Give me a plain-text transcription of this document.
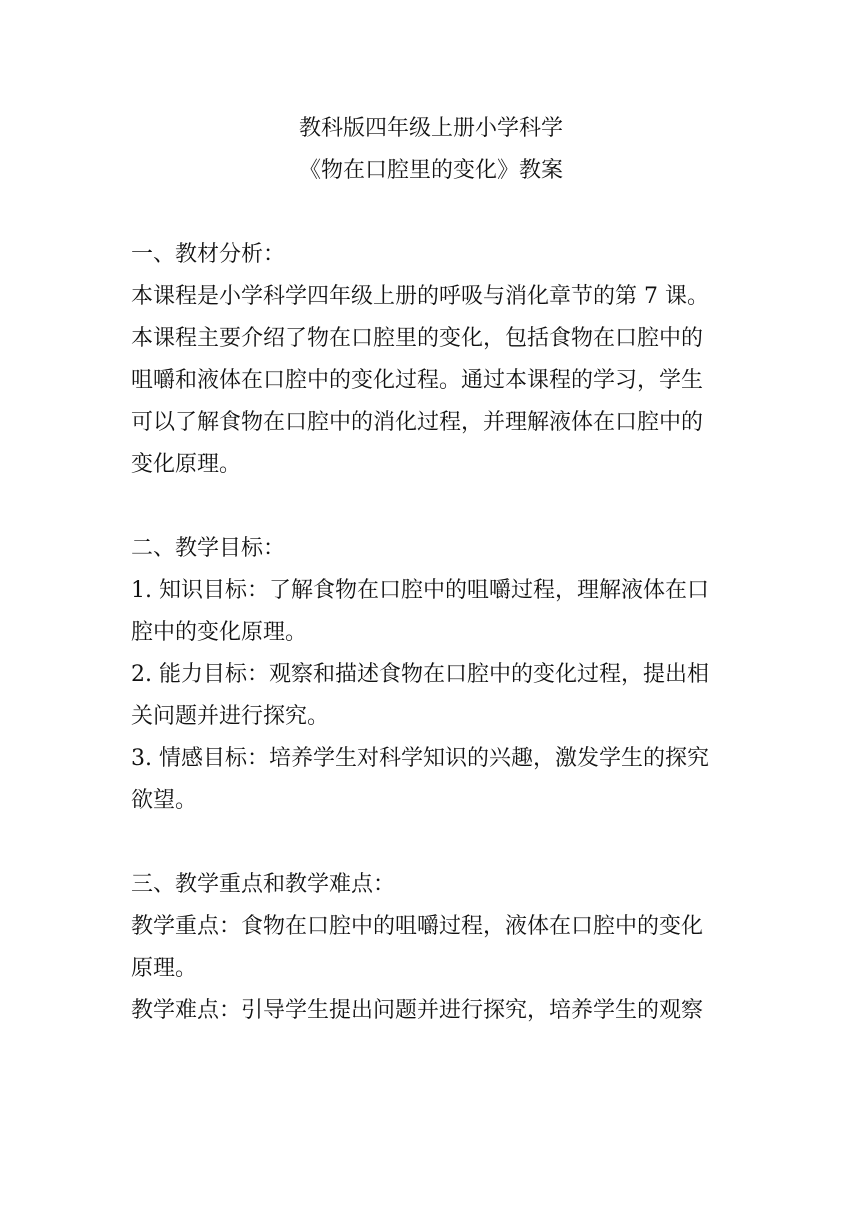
教科版四年级上册小学科学
《物在口腔里的变化》教案
一、教材分析：
本课程是小学科学四年级上册的呼吸与消化章节的第 7 课。
本课程主要介绍了物在口腔里的变化，包括食物在口腔中的
咀嚼和液体在口腔中的变化过程。通过本课程的学习，学生
可以了解食物在口腔中的消化过程，并理解液体在口腔中的
变化原理。
二、教学目标：
1. 知识目标：了解食物在口腔中的咀嚼过程，理解液体在口
腔中的变化原理。
2. 能力目标：观察和描述食物在口腔中的变化过程，提出相
关问题并进行探究。
3. 情感目标：培养学生对科学知识的兴趣，激发学生的探究
欲望。
三、教学重点和教学难点：
教学重点：食物在口腔中的咀嚼过程，液体在口腔中的变化
原理。
教学难点：引导学生提出问题并进行探究，培养学生的观察
